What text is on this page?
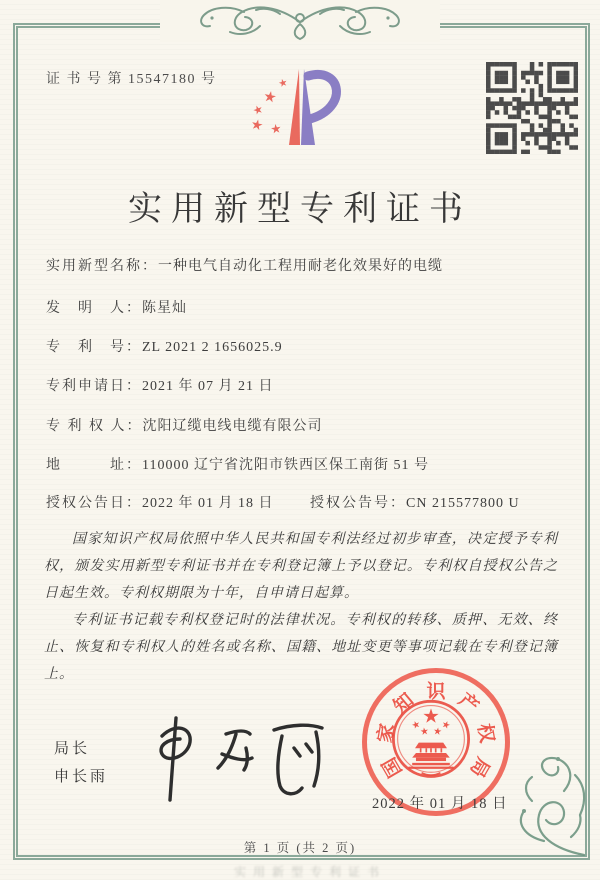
证 书 号 第 15547180 号
实用新型专利证书
实用新型名称：一种电气自动化工程用耐老化效果好的电缆
发　明　人：陈星灿
专　利　号：ZL 2021 2 1656025.9
专利申请日：2021 年 07 月 21 日
专 利 权 人：沈阳辽缆电线电缆有限公司
地　　　址：110000 辽宁省沈阳市铁西区保工南街 51 号
授权公告日：2022 年 01 月 18 日	授权公告号：CN 215577800 U

国家知识产权局依照中华人民共和国专利法经过初步审查，决定授予专利权，颁发实用新型专利证书并在专利登记簿上予以登记。专利权自授权公告之日起生效。专利权期限为十年，自申请日起算。

专利证书记载专利权登记时的法律状况。专利权的转移、质押、无效、终止、恢复和专利权人的姓名或名称、国籍、地址变更等事项记载在专利登记簿上。

局长
申长雨	国
家
知 识 产
权
局
2022 年 01 月 18 日
第 1 页 (共 2 页)
实用新型专利证书
